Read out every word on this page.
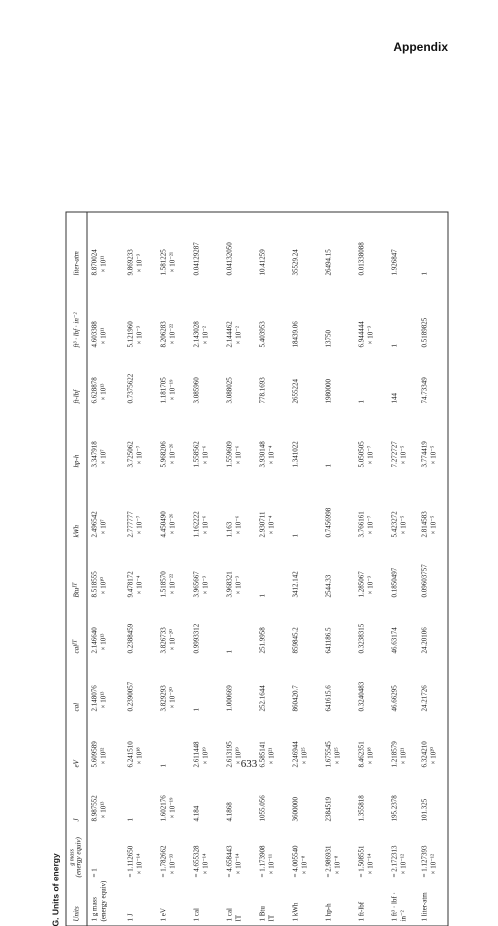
Appendix
G. Units of energy	Units
g mass (energy equiv)
J
eV
cal
cal
IT
Btu
IT
kWh
hp-h
ft-lbf
ft³ · lbf · in⁻²
liter-atm
1 g mass (energy equiv)
= 1
8.987552 × 10¹³
5.609589 × 10³²
2.148076 × 10¹³
2.146640 × 10¹³
8.518555 × 10¹⁰
2.496542 × 10⁷
3.347918 × 10⁷
6.628878 × 10¹³
4.603388 × 10¹¹
8.870024 × 10¹¹
1 J
= 1.112650 × 10⁻¹⁴
1
6.241510 × 10¹⁸
0.2390057
0.2388459
9.478172 × 10⁻⁴
2.777777 × 10⁻⁷
3.725062 × 10⁻⁷
0.7375622
5.121960 × 10⁻³
9.869233 × 10⁻³
1 eV
= 1.782662 × 10⁻³³
1.602176 × 10⁻¹⁹
1
3.829293 × 10⁻²⁰
3.826733 × 10⁻²⁰
1.518570 × 10⁻²²
4.450490 × 10⁻²⁶
5.968206 × 10⁻²⁶
1.181705 × 10⁻¹⁹
8.206283 × 10⁻²²
1.581225 × 10⁻²¹
1 cal
= 4.655328 × 10⁻¹⁴
4.184
2.611448 × 10¹⁹
1
0.9993312
3.965667 × 10⁻³
1.162222 × 10⁻⁶
1.558562 × 10⁻⁶
3.085960
2.143028 × 10⁻²
0.04129287
1 cal IT
= 4.658443 × 10⁻¹⁴
4.1868
2.613195 × 10¹⁹
1.000669
1
3.968321 × 10⁻³
1.163 × 10⁻⁶
1.559609 × 10⁻⁶
3.088025
2.144462 × 10⁻²
0.04132050
1 Btu IT
= 1.173908 × 10⁻¹¹
1055.056
6.585141 × 10²¹
252.1644
251.9958
1
2.930711 × 10⁻⁴
3.930148 × 10⁻⁴
778.1693
5.403953
10.41259
1 kWh
= 4.005540 × 10⁻⁸
3600000
2.246944 × 10²⁵
860420.7
859845.2
3412.142
1
1.341022
2655224
18439.06
35529.24
1 hp-h
= 2.986931 × 10⁻⁸
2384519
1.675545 × 10²⁵
641615.6
641186.5
2544.33
0.7456998
1
1980000
13750
26494.15
1 ft-lbf
= 1.508551 × 10⁻¹⁴
1.355818
8.462351 × 10¹⁸
0.3240483
0.3238315
1.285067 × 10⁻³
3.766161 × 10⁻⁷
5.050505 × 10⁻⁷
1
6.944444 × 10⁻³
0.01338088
1 ft³ · lbf · in⁻²
= 2.172313 × 10⁻¹²
195.2378
1.218579 × 10²¹
46.66295
46.63174
0.1850497
5.423272 × 10⁻⁵
7.272727 × 10⁻⁵
144
1
1.926847
1 liter-atm
= 1.127393 × 10⁻¹²
101.325
6.324210 × 10²⁰
24.21726
24.20106
0.09603757
2.814583 × 10⁻⁵
3.774419 × 10⁻⁵
74.73349
0.5189825
1
633
